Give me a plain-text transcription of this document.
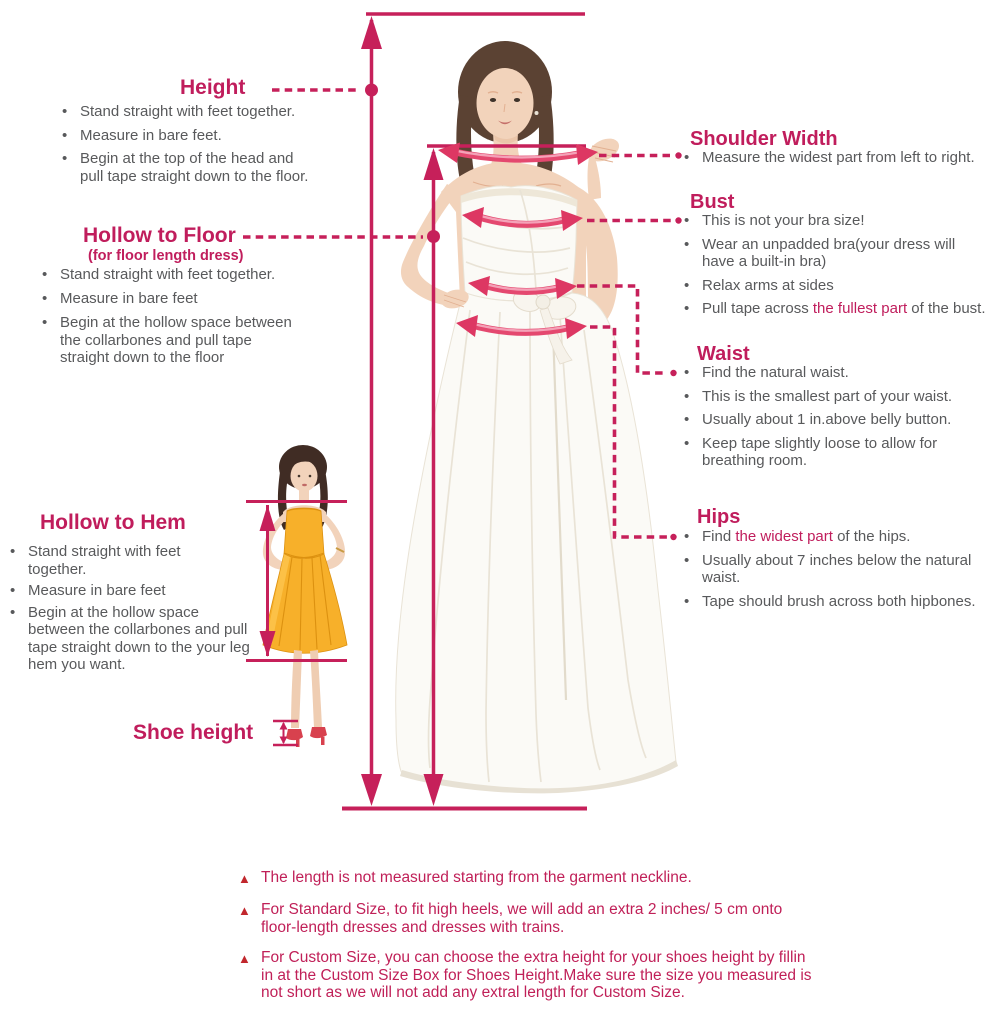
Height
•
Stand straight with feet together.
•
Measure in bare feet.
•
Begin at the top of the head and
pull tape straight down to the floor.
Hollow to Floor
(for floor length dress)
•
Stand straight with feet together.
•
Measure in bare feet
•
Begin at the hollow space between
the collarbones and pull tape
straight down to the floor
Hollow to Hem
•
Stand straight with feet
together.
•
Measure in bare feet
•
Begin at the hollow space
between the collarbones and pull
tape straight down to the your leg
hem you want.
Shoe height
Shoulder Width
•
Measure the widest part from left to right.
Bust
•
This is not your bra size!
•
Wear an unpadded bra(your dress will
have a built-in bra)
•
Relax arms at sides
•
Pull tape across the fullest part of the bust.
Waist
•
Find the natural waist.
•
This is the smallest part of your waist.
•
Usually about 1 in.above belly button.
•
Keep tape slightly loose to allow for
breathing room.
Hips
•
Find the widest part of the hips.
•
Usually about 7 inches below the natural
waist.
•
Tape should brush across both hipbones.
▲ The length is not measured starting from the garment neckline.
▲ For Standard Size, to fit high heels, we will add an extra 2 inches/ 5 cm onto
floor-length dresses and dresses with trains.
▲ For Custom Size, you can choose the extra height for your shoes height by fillin
in at the Custom Size Box for Shoes Height.Make sure the size you measured is
not short as we will not add any extral length for Custom Size.
